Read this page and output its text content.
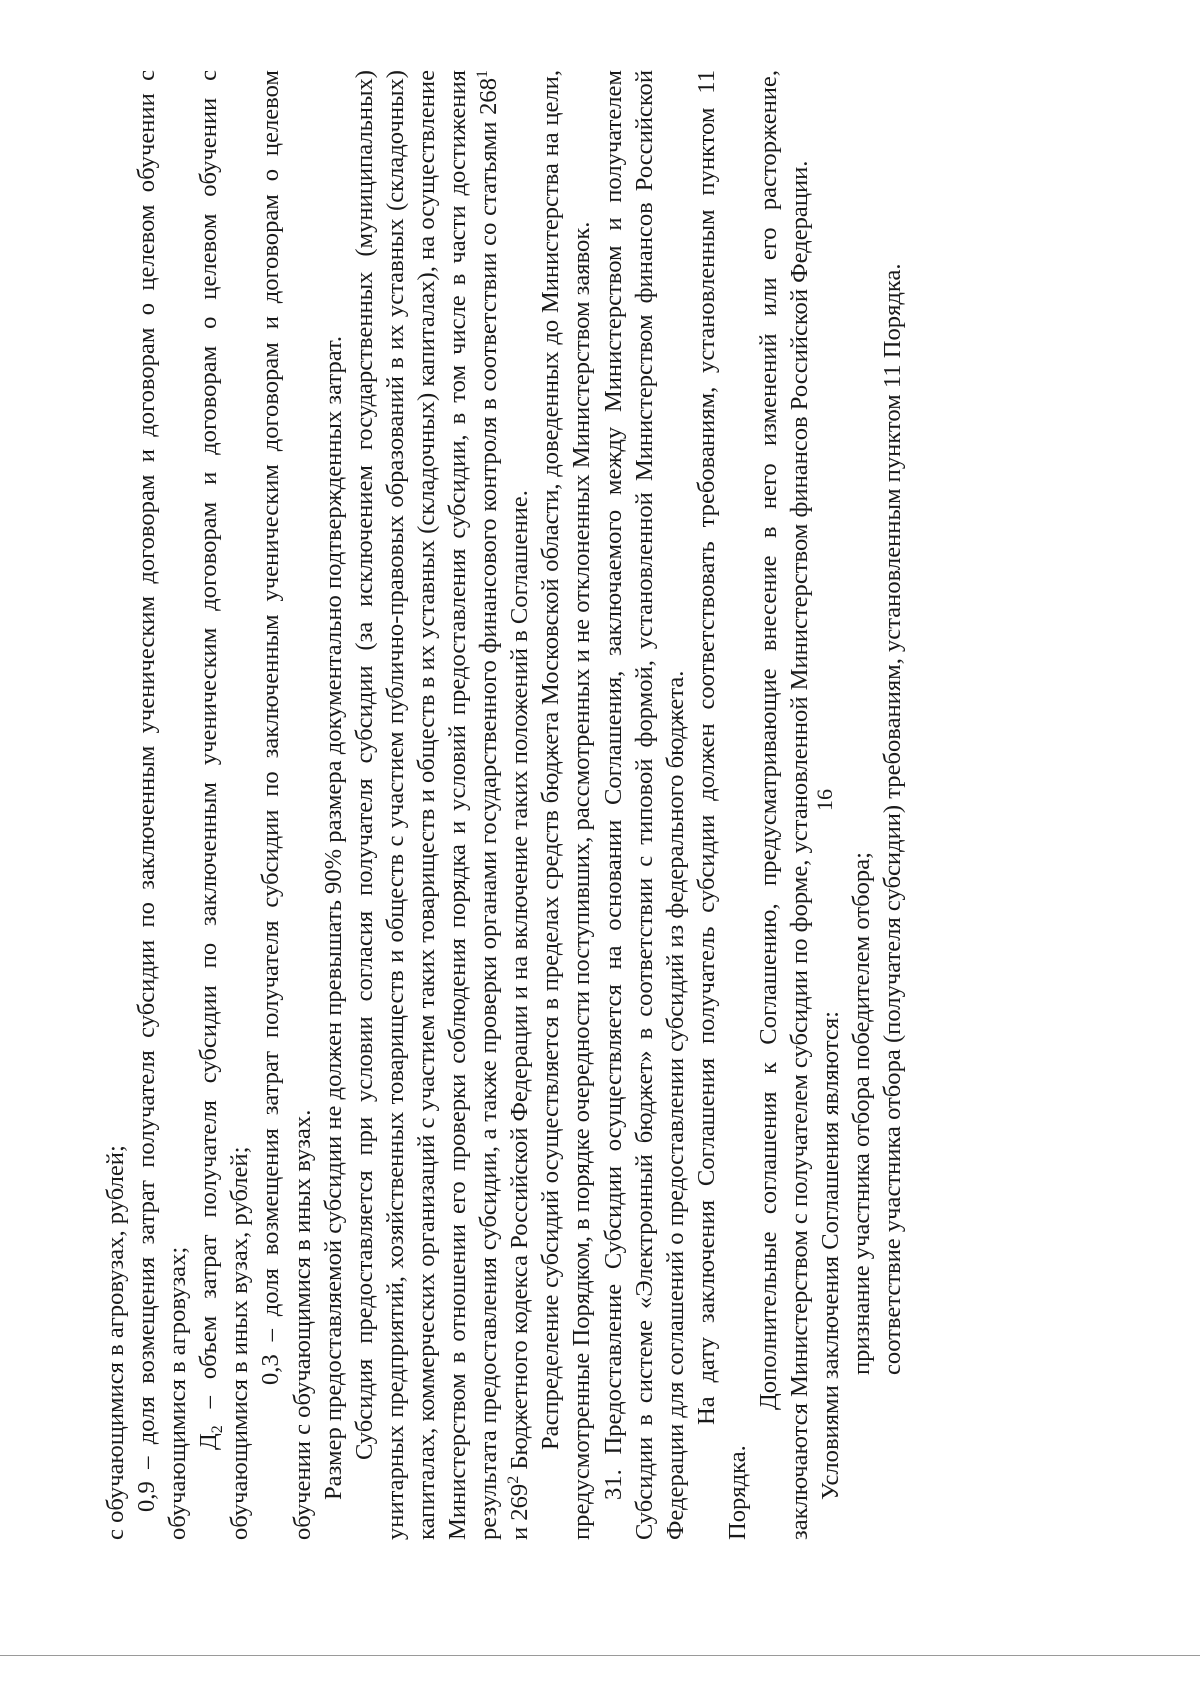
16

с обучающимися в агровузах, рублей; 0,9 – доля возмещения затрат получателя субсидии по заключенным ученическим договорам и договорам о целевом обучении с обучающимися в агровузах; $Д_2$ – объем затрат получателя субсидии по заключенным ученическим договорам и договорам о целевом обучении с обучающимися в иных вузах, рублей; 0,3 – доля возмещения затрат получателя субсидии по заключенным ученическим договорам и договорам о целевом обучении с обучающимися в иных вузах. Размер предоставляемой субсидии не должен превышать 90% размера документально подтвержденных затрат. Субсидия предоставляется при условии согласия получателя субсидии (за исключением государственных (муниципальных) унитарных предприятий, хозяйственных товариществ и обществ с участием публично-правовых образований в их уставных (складочных) капиталах, коммерческих организаций с участием таких товариществ и обществ в их уставных (складочных) капиталах), на осуществление Министерством в отношении его проверки соблюдения порядка и условий предоставления субсидии, в том числе в части достижения результата предоставления субсидии, а также проверки органами государственного финансового контроля в соответствии со статьями $268^1$ и $269^2$ Бюджетного кодекса Российской Федерации и на включение таких положений в Соглашение. Распределение субсидий осуществляется в пределах средств бюджета Московской области, доведенных до Министерства на цели, предусмотренные Порядком, в порядке очередности поступивших, рассмотренных и не отклоненных Министерством заявок. 31. Предоставление Субсидии осуществляется на основании Соглашения, заключаемого между Министерством и получателем Субсидии в системе «Электронный бюджет» в соответствии с типовой формой, установленной Министерством финансов Российской Федерации для соглашений о предоставлении субсидий из федерального бюджета. На дату заключения Соглашения получатель субсидии должен соответствовать требованиям, установленным пунктом 11 Порядка.

Дополнительные соглашения к Соглашению, предусматривающие внесение в него изменений или его расторжение, заключаются Министерством с получателем субсидии по форме, установленной Министерством финансов Российской Федерации. Условиями заключения Соглашения являются: признание участника отбора победителем отбора; соответствие участника отбора (получателя субсидии) требованиям, установленным пунктом 11 Порядка.
